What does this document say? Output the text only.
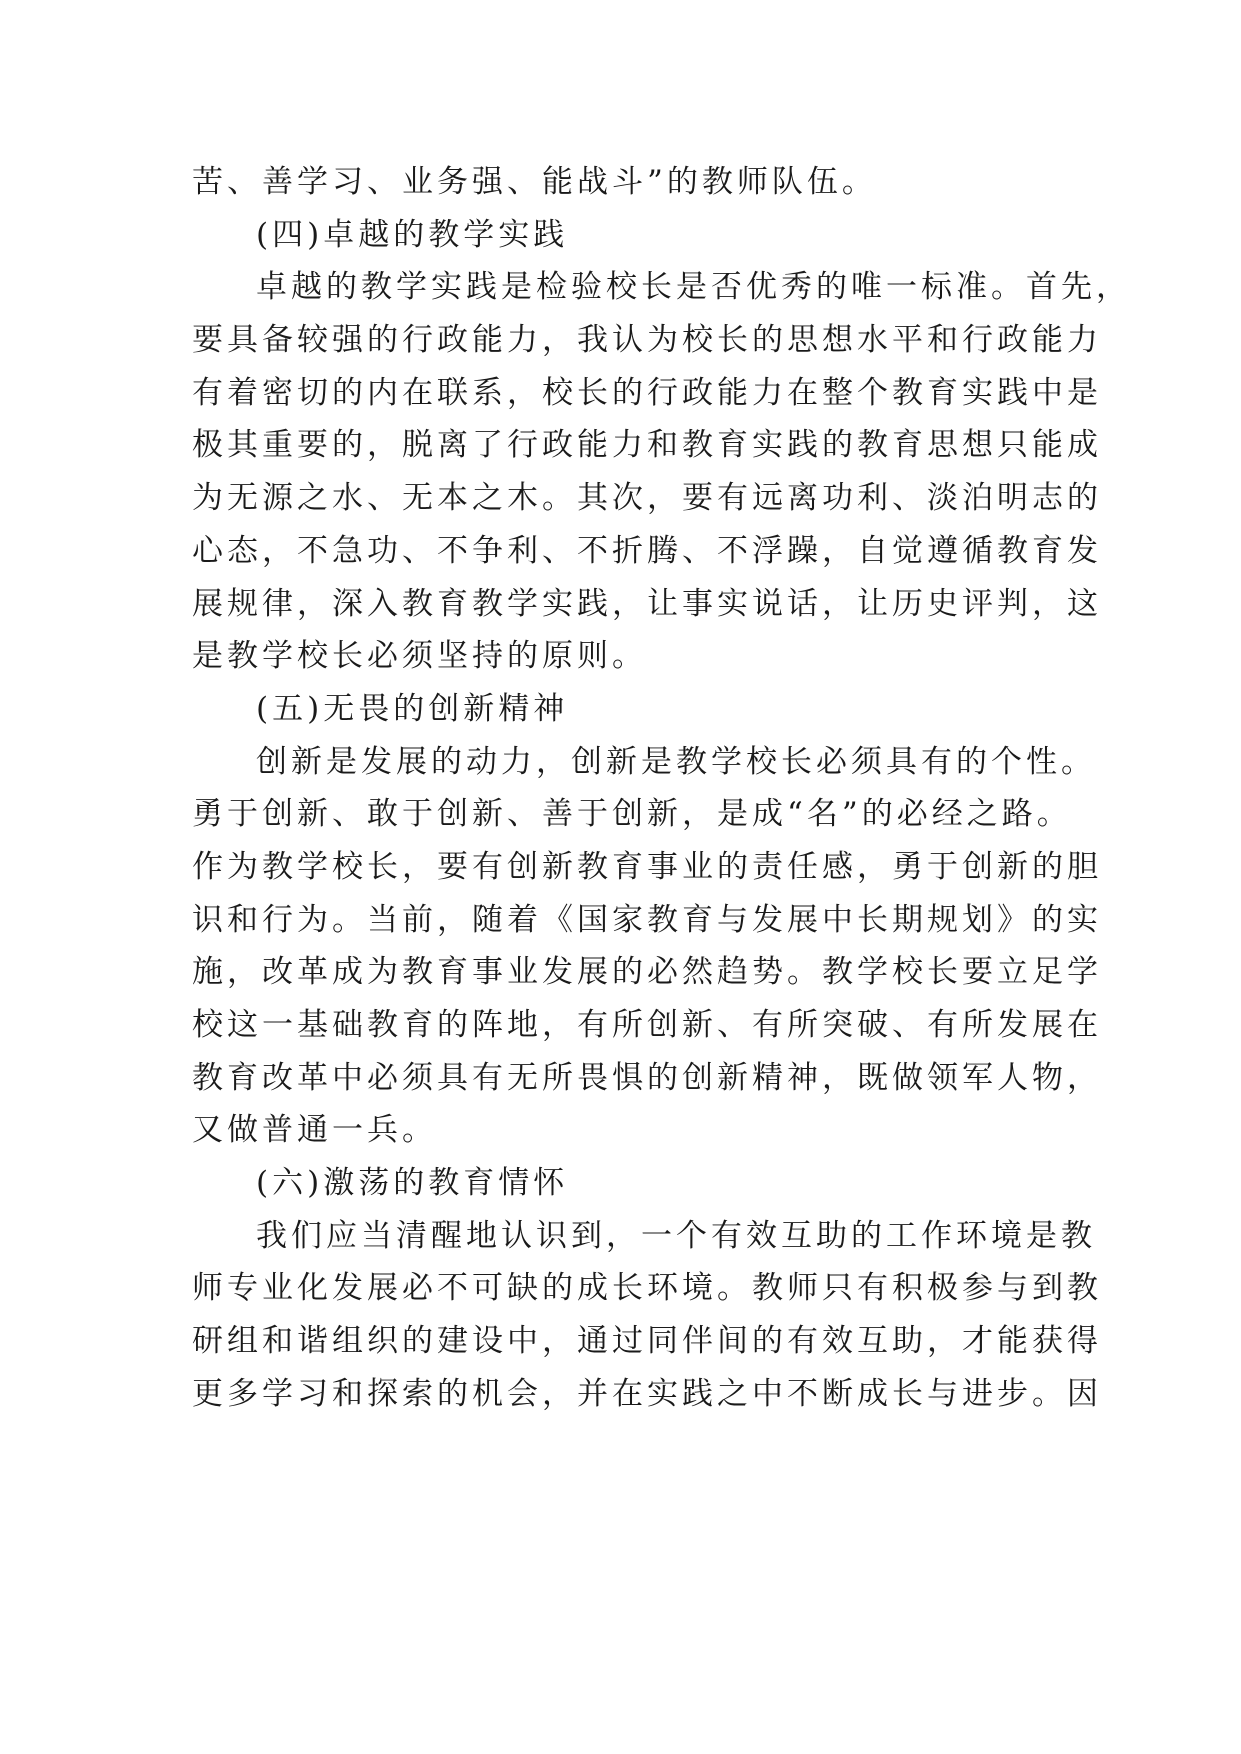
苦、善学习、业务强、能战斗”的教师队伍。
(四)卓越的教学实践
卓越的教学实践是检验校长是否优秀的唯一标准。首先，
要具备较强的行政能力，我认为校长的思想水平和行政能力
有着密切的内在联系，校长的行政能力在整个教育实践中是
极其重要的，脱离了行政能力和教育实践的教育思想只能成
为无源之水、无本之木。其次，要有远离功利、淡泊明志的
心态，不急功、不争利、不折腾、不浮躁，自觉遵循教育发
展规律，深入教育教学实践，让事实说话，让历史评判，这
是教学校长必须坚持的原则。
(五)无畏的创新精神
创新是发展的动力，创新是教学校长必须具有的个性。
勇于创新、敢于创新、善于创新，是成“名”的必经之路。
作为教学校长，要有创新教育事业的责任感，勇于创新的胆
识和行为。当前，随着《国家教育与发展中长期规划》的实
施，改革成为教育事业发展的必然趋势。教学校长要立足学
校这一基础教育的阵地，有所创新、有所突破、有所发展在
教育改革中必须具有无所畏惧的创新精神，既做领军人物，
又做普通一兵。
(六)激荡的教育情怀
我们应当清醒地认识到，一个有效互助的工作环境是教
师专业化发展必不可缺的成长环境。教师只有积极参与到教
研组和谐组织的建设中，通过同伴间的有效互助，才能获得
更多学习和探索的机会，并在实践之中不断成长与进步。因
